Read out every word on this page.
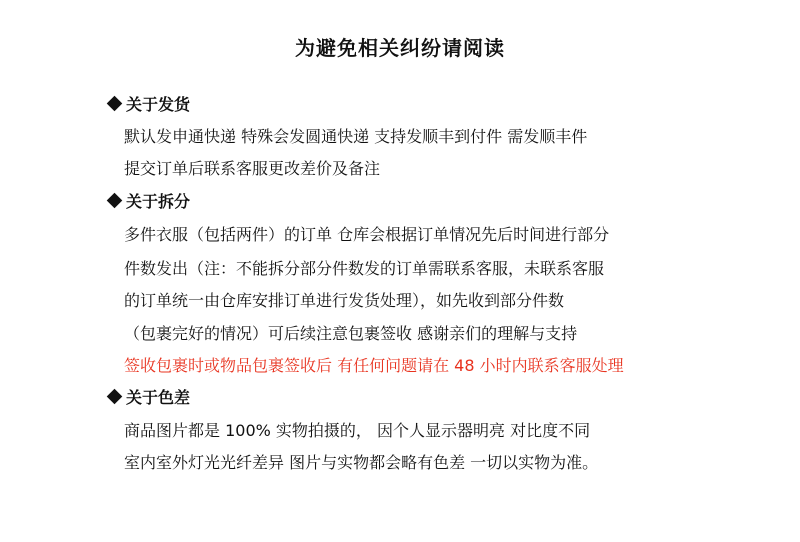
为避免相关纠纷请阅读
关于发货
默认发申通快递 特殊会发圆通快递 支持发顺丰到付件 需发顺丰件
提交订单后联系客服更改差价及备注
关于拆分
多件衣服（包括两件）的订单 仓库会根据订单情况先后时间进行部分
件数发出（注：不能拆分部分件数发的订单需联系客服，未联系客服
的订单统一由仓库安排订单进行发货处理），如先收到部分件数
（包裹完好的情况）可后续注意包裹签收 感谢亲们的理解与支持
签收包裹时或物品包裹签收后 有任何问题请在 48 小时内联系客服处理
关于色差
商品图片都是 100% 实物拍摄的， 因个人显示器明亮 对比度不同
室内室外灯光光纤差异 图片与实物都会略有色差 一切以实物为准。
